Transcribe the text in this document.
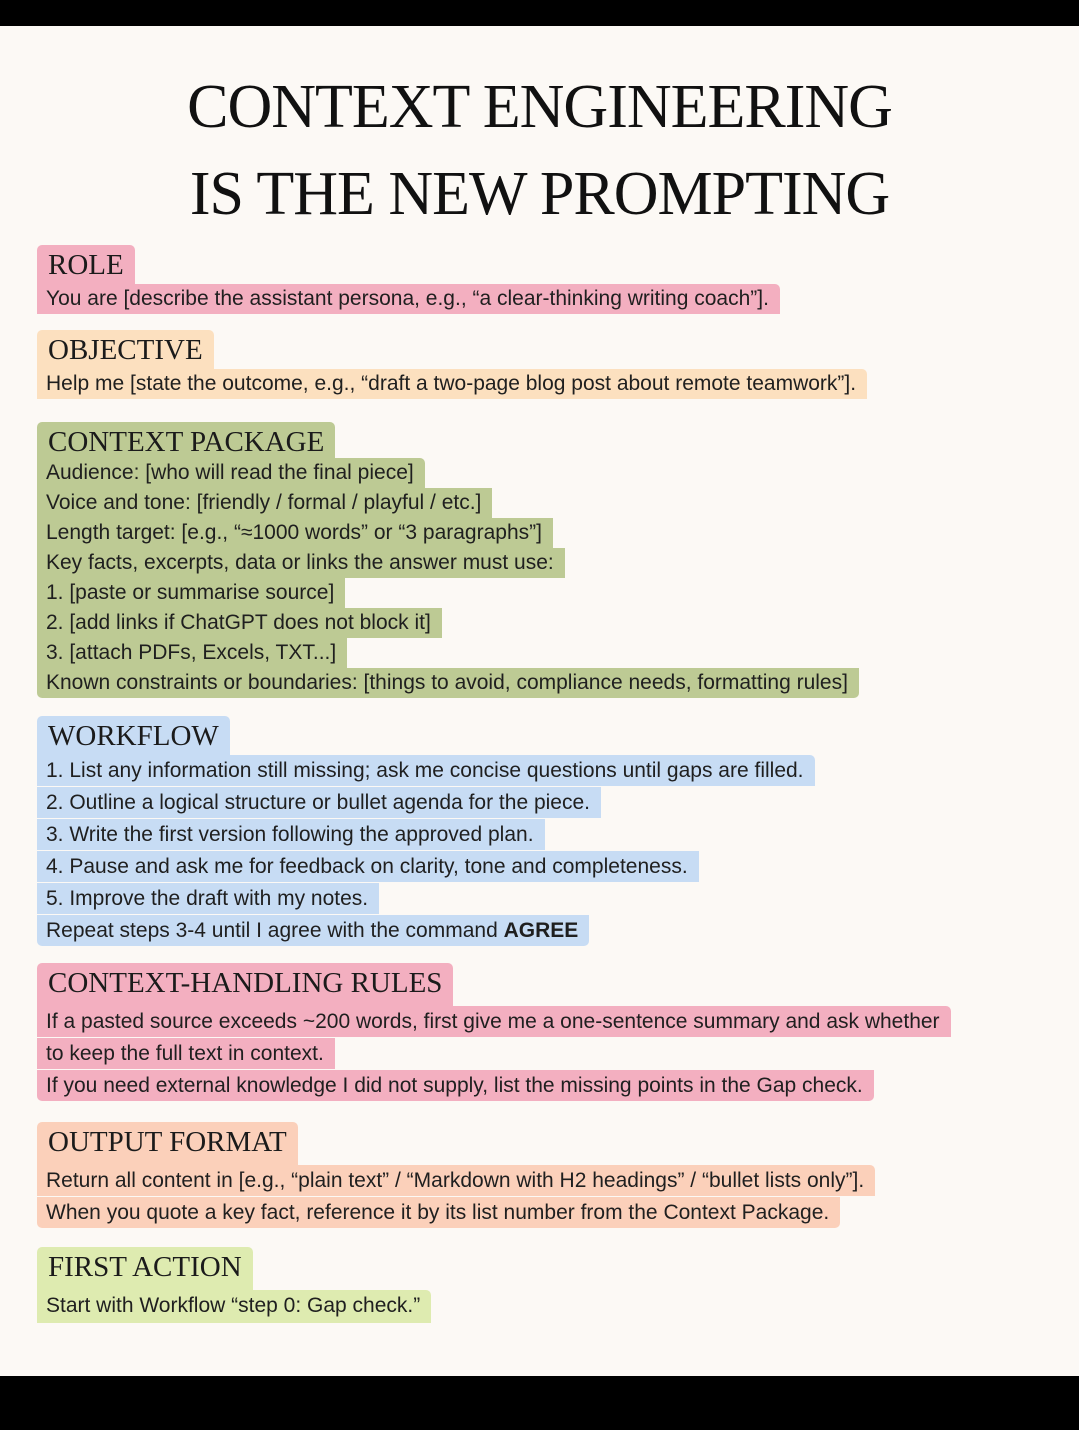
CONTEXT ENGINEERING
IS THE NEW PROMPTING
ROLE
You are [describe the assistant persona, e.g., “a clear-thinking writing coach”].
OBJECTIVE
Help me [state the outcome, e.g., “draft a two-page blog post about remote teamwork”].
CONTEXT PACKAGE
Audience: [who will read the final piece]
Voice and tone: [friendly / formal / playful / etc.]
Length target: [e.g., “≈1000 words” or “3 paragraphs”]
Key facts, excerpts, data or links the answer must use:
1. [paste or summarise source]
2. [add links if ChatGPT does not block it]
3. [attach PDFs, Excels, TXT...]
Known constraints or boundaries: [things to avoid, compliance needs, formatting rules]
WORKFLOW
1. List any information still missing; ask me concise questions until gaps are filled.
2. Outline a logical structure or bullet agenda for the piece.
3. Write the first version following the approved plan.
4. Pause and ask me for feedback on clarity, tone and completeness.
5. Improve the draft with my notes.
Repeat steps 3-4 until I agree with the command AGREE
CONTEXT-HANDLING RULES
If a pasted source exceeds ~200 words, first give me a one-sentence summary and ask whether
to keep the full text in context.
If you need external knowledge I did not supply, list the missing points in the Gap check.
OUTPUT FORMAT
Return all content in [e.g., “plain text” / “Markdown with H2 headings” / “bullet lists only”].
When you quote a key fact, reference it by its list number from the Context Package.
FIRST ACTION
Start with Workflow “step 0: Gap check.”
